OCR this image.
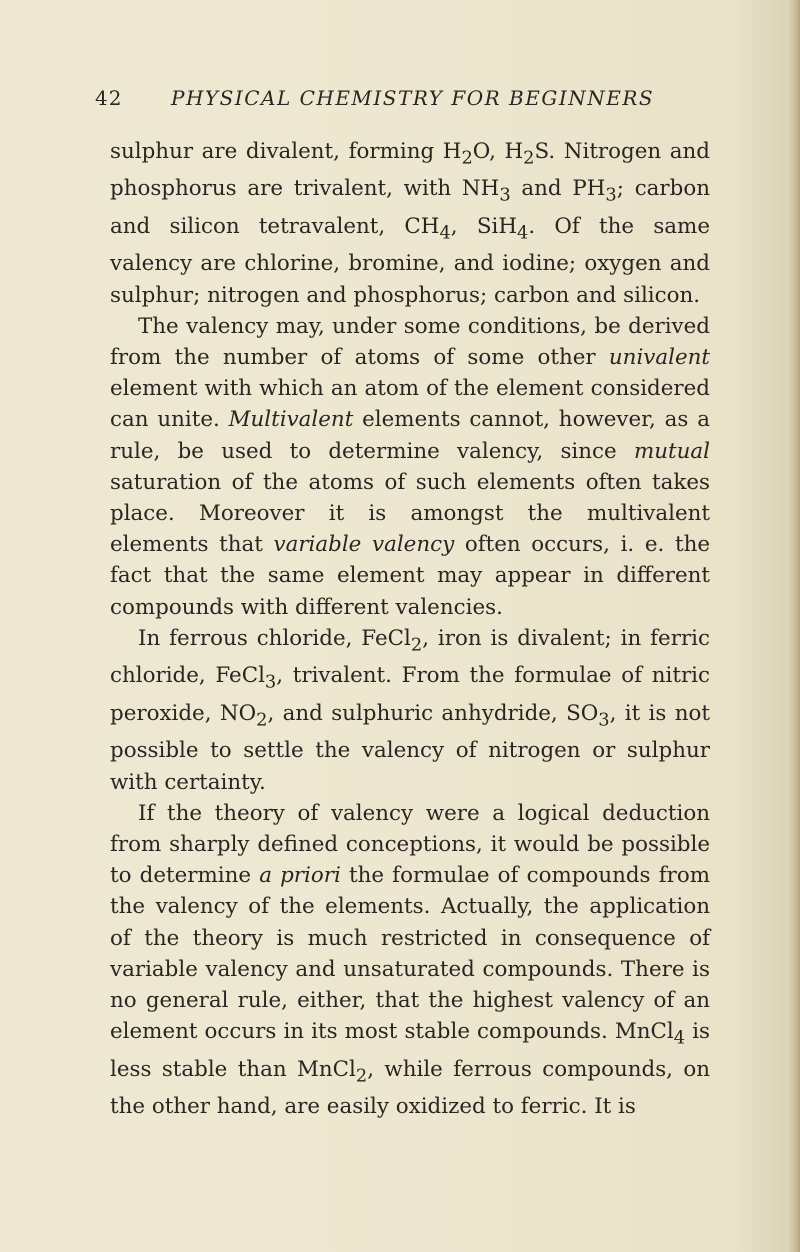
42 PHYSICAL CHEMISTRY FOR BEGINNERS

sulphur are divalent, forming $H_2O$, $H_2S$. Nitrogen and phosphorus are trivalent, with $NH_3$ and $PH_3$; carbon and silicon tetravalent, $CH_4$, SiH$_4$. Of the same valency are chlorine, bromine, and iodine; oxygen and sulphur; nitrogen and phosphorus; carbon and silicon.

The valency may, under some conditions, be derived from the number of atoms of some other univalent element with which an atom of the element considered can unite. Multivalent elements cannot, however, as a rule, be used to determine valency, since mutual saturation of the atoms of such elements often takes place. Moreover it is amongst the multivalent elements that variable valency often occurs, i. e. the fact that the same element may appear in different compounds with different valencies.

In ferrous chloride, FeCl$_2$, iron is divalent; in ferric chloride, FeCl$_3$, trivalent. From the formulae of nitric peroxide, $NO_2$, and sulphuric anhydride, $SO_3$, it is not possible to settle the valency of nitrogen or sulphur with certainty.

If the theory of valency were a logical deduction from sharply defined conceptions, it would be possible to determine a priori the formulae of compounds from the valency of the elements. Actually, the application of the theory is much restricted in consequence of variable valency and unsaturated compounds. There is no general rule, either, that the highest valency of an element occurs in its most stable compounds. MnCl$_4$ is less stable than MnCl$_2$, while ferrous compounds, on the other hand, are easily oxidized to ferric. It is
